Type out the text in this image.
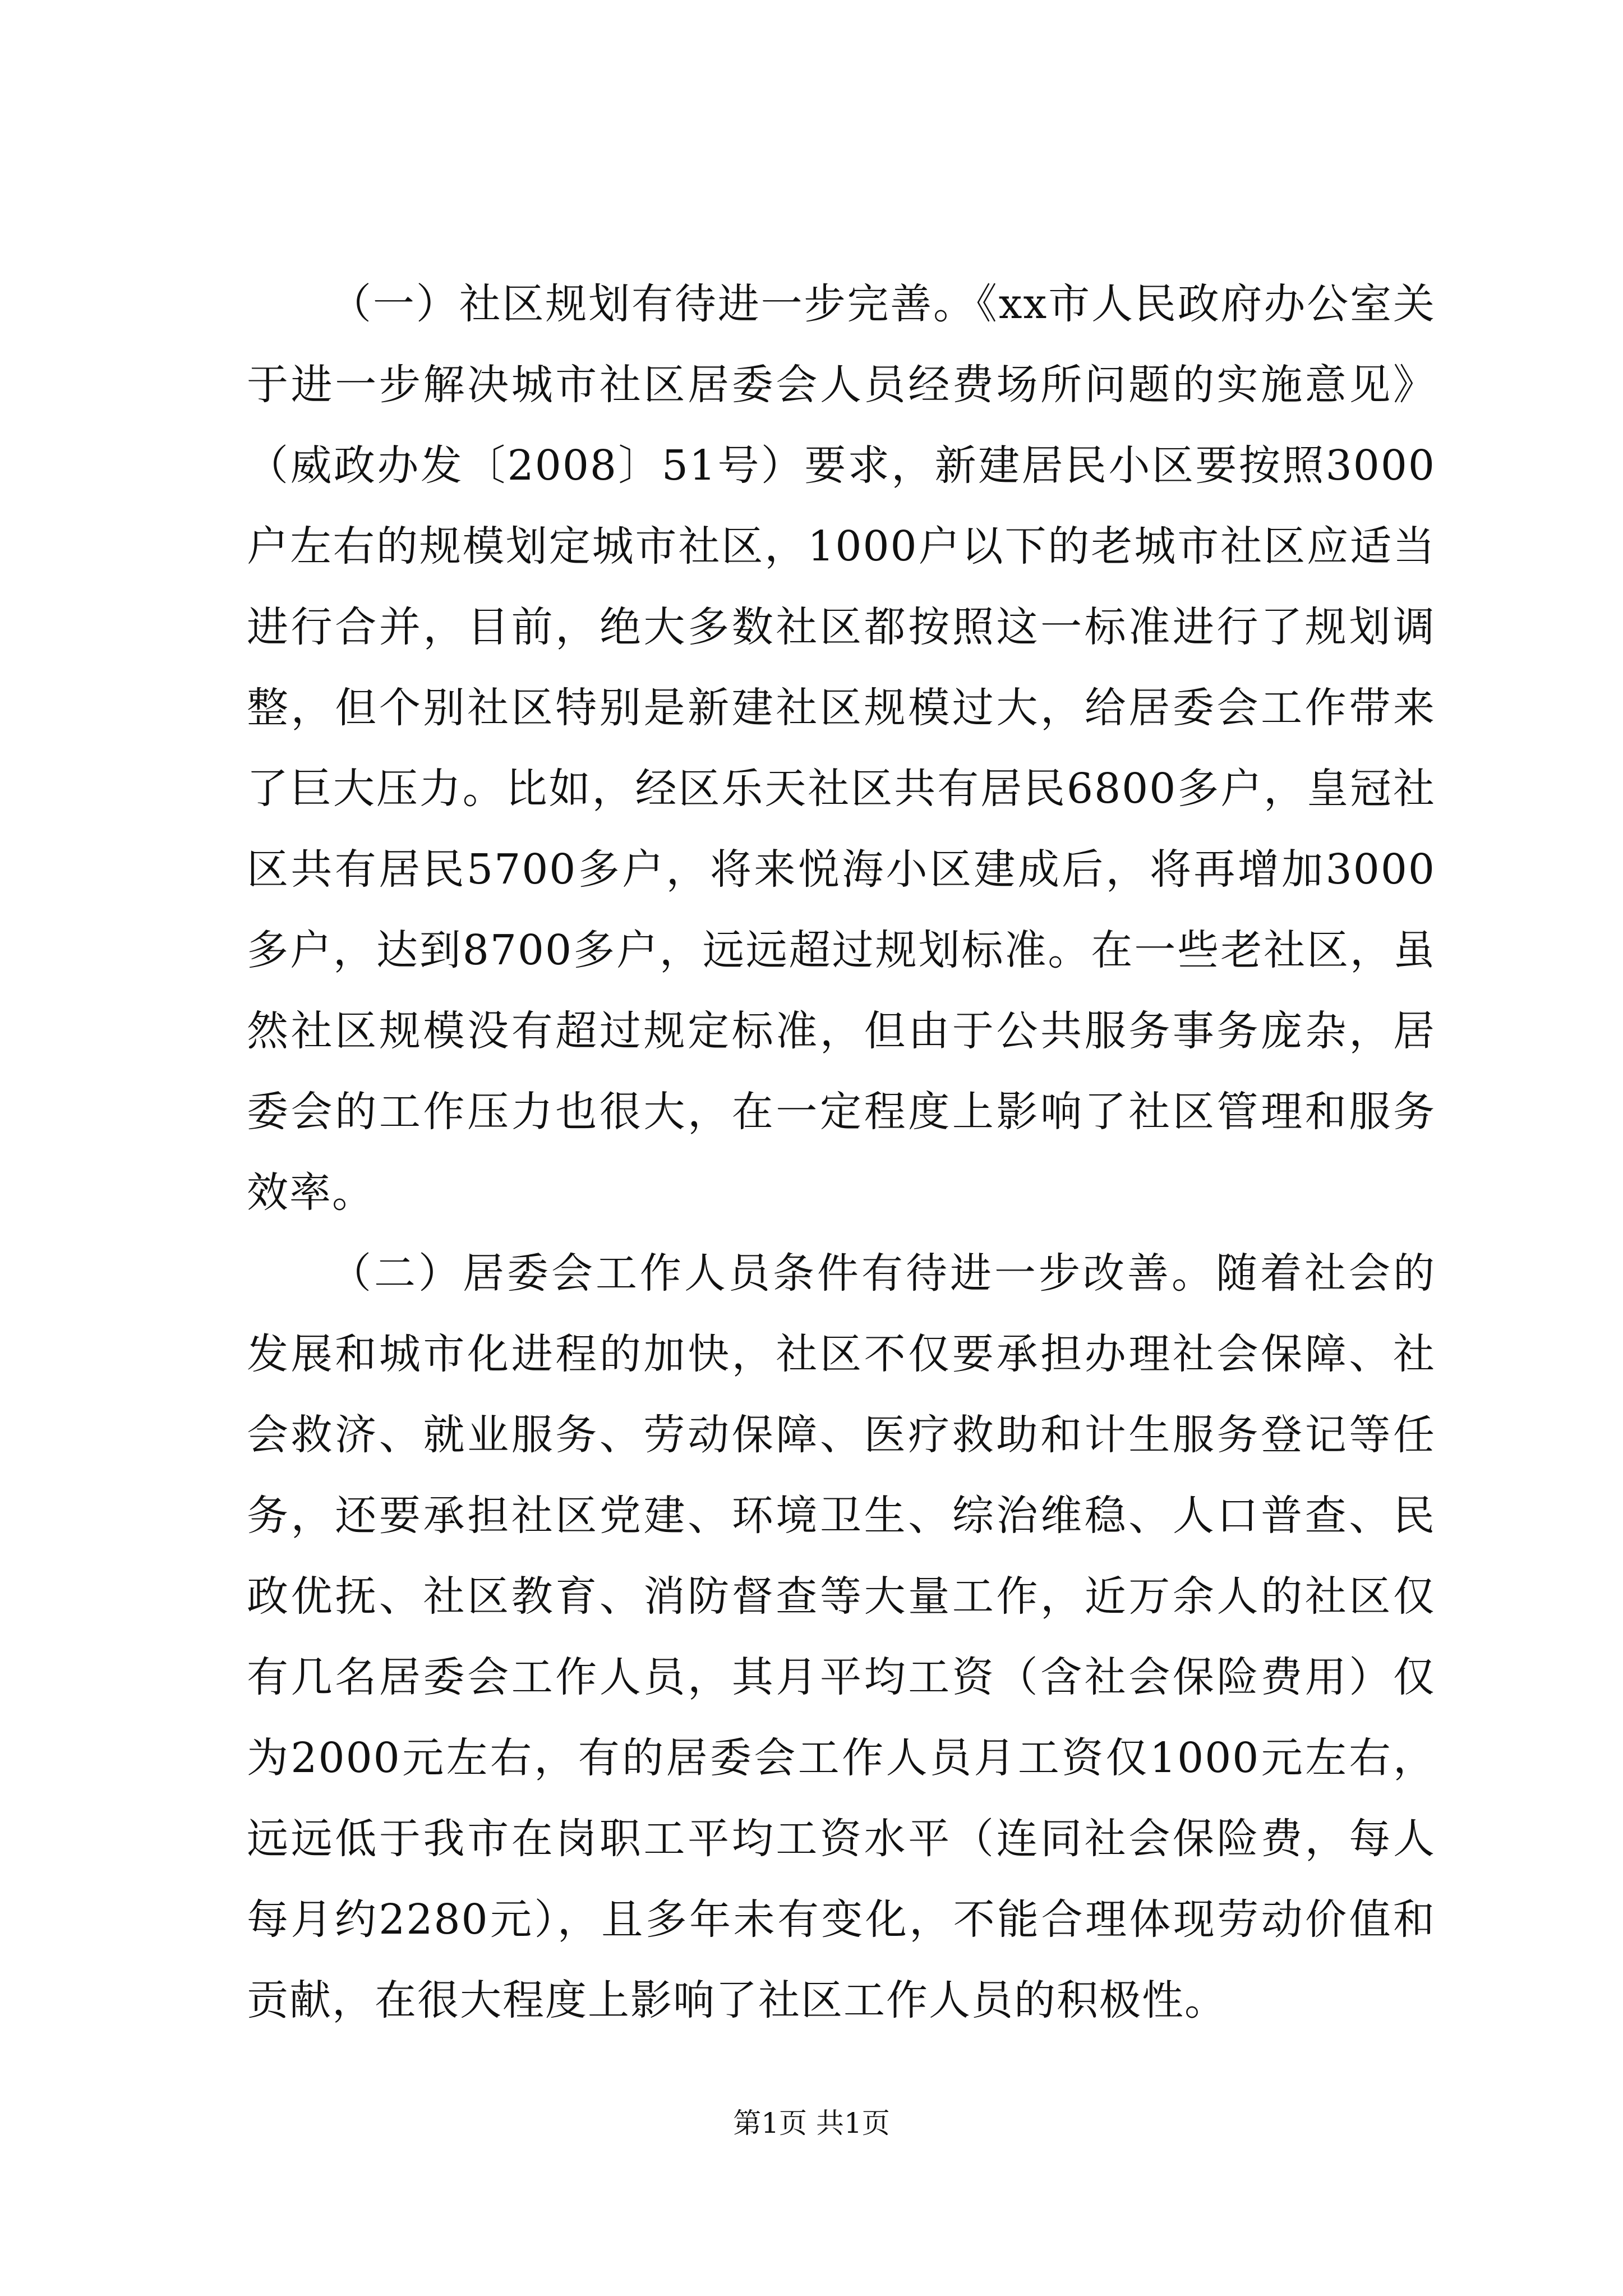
（一）社区规划有待进一步完善。《xx市人民政府办公室关于进一步解决城市社区居委会人员经费场所问题的实施意见》（威政办发〔2008〕51号）要求，新建居民小区要按照3000户左右的规模划定城市社区，1000户以下的老城市社区应适当进行合并，目前，绝大多数社区都按照这一标准进行了规划调整，但个别社区特别是新建社区规模过大，给居委会工作带来了巨大压力。比如，经区乐天社区共有居民6800多户，皇冠社区共有居民5700多户，将来悦海小区建成后，将再增加3000多户，达到8700多户，远远超过规划标准。在一些老社区，虽然社区规模没有超过规定标准，但由于公共服务事务庞杂，居委会的工作压力也很大，在一定程度上影响了社区管理和服务效率。

（二）居委会工作人员条件有待进一步改善。随着社会的发展和城市化进程的加快，社区不仅要承担办理社会保障、社会救济、就业服务、劳动保障、医疗救助和计生服务登记等任务，还要承担社区党建、环境卫生、综治维稳、人口普查、民政优抚、社区教育、消防督查等大量工作，近万余人的社区仅有几名居委会工作人员，其月平均工资（含社会保险费用）仅为2000元左右，有的居委会工作人员月工资仅1000元左右，远远低于我市在岗职工平均工资水平（连同社会保险费，每人每月约2280元），且多年未有变化，不能合理体现劳动价值和贡献，在很大程度上影响了社区工作人员的积极性。

第1页 共1页
